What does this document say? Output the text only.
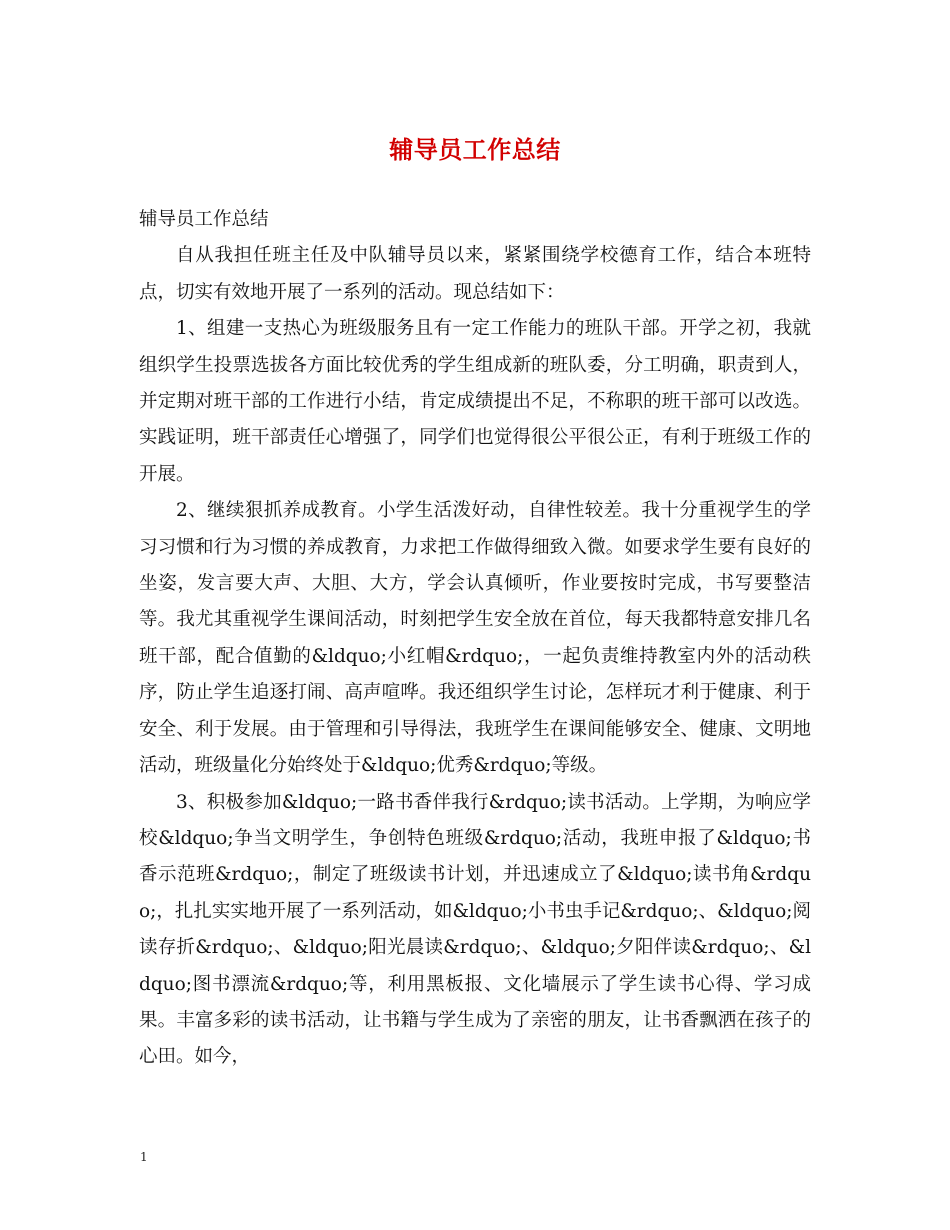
辅导员工作总结

辅导员工作总结

自从我担任班主任及中队辅导员以来，紧紧围绕学校德育工作，结合本班特点，切实有效地开展了一系列的活动。现总结如下：

1、组建一支热心为班级服务且有一定工作能力的班队干部。开学之初，我就组织学生投票选拔各方面比较优秀的学生组成新的班队委，分工明确，职责到人，并定期对班干部的工作进行小结，肯定成绩提出不足，不称职的班干部可以改选。实践证明，班干部责任心增强了，同学们也觉得很公平很公正，有利于班级工作的开展。

2、继续狠抓养成教育。小学生活泼好动，自律性较差。我十分重视学生的学习习惯和行为习惯的养成教育，力求把工作做得细致入微。如要求学生要有良好的坐姿，发言要大声、大胆、大方，学会认真倾听，作业要按时完成，书写要整洁等。我尤其重视学生课间活动，时刻把学生安全放在首位，每天我都特意安排几名班干部，配合值勤的&ldquo;小红帽&rdquo;，一起负责维持教室内外的活动秩序，防止学生追逐打闹、高声喧哗。我还组织学生讨论，怎样玩才利于健康、利于安全、利于发展。由于管理和引导得法，我班学生在课间能够安全、健康、文明地活动，班级量化分始终处于&ldquo;优秀&rdquo;等级。

3、积极参加&ldquo;一路书香伴我行&rdquo;读书活动。上学期，为响应学校&ldquo;争当文明学生，争创特色班级&rdquo;活动，我班申报了&ldquo;书香示范班&rdquo;，制定了班级读书计划，并迅速成立了&ldquo;读书角&rdquo;，扎扎实实地开展了一系列活动，如&ldquo;小书虫手记&rdquo;、&ldquo;阅读存折&rdquo;、&ldquo;阳光晨读&rdquo;、&ldquo;夕阳伴读&rdquo;、&ldquo;图书漂流&rdquo;等，利用黑板报、文化墙展示了学生读书心得、学习成果。丰富多彩的读书活动，让书籍与学生成为了亲密的朋友，让书香飘洒在孩子的心田。如今，

1
